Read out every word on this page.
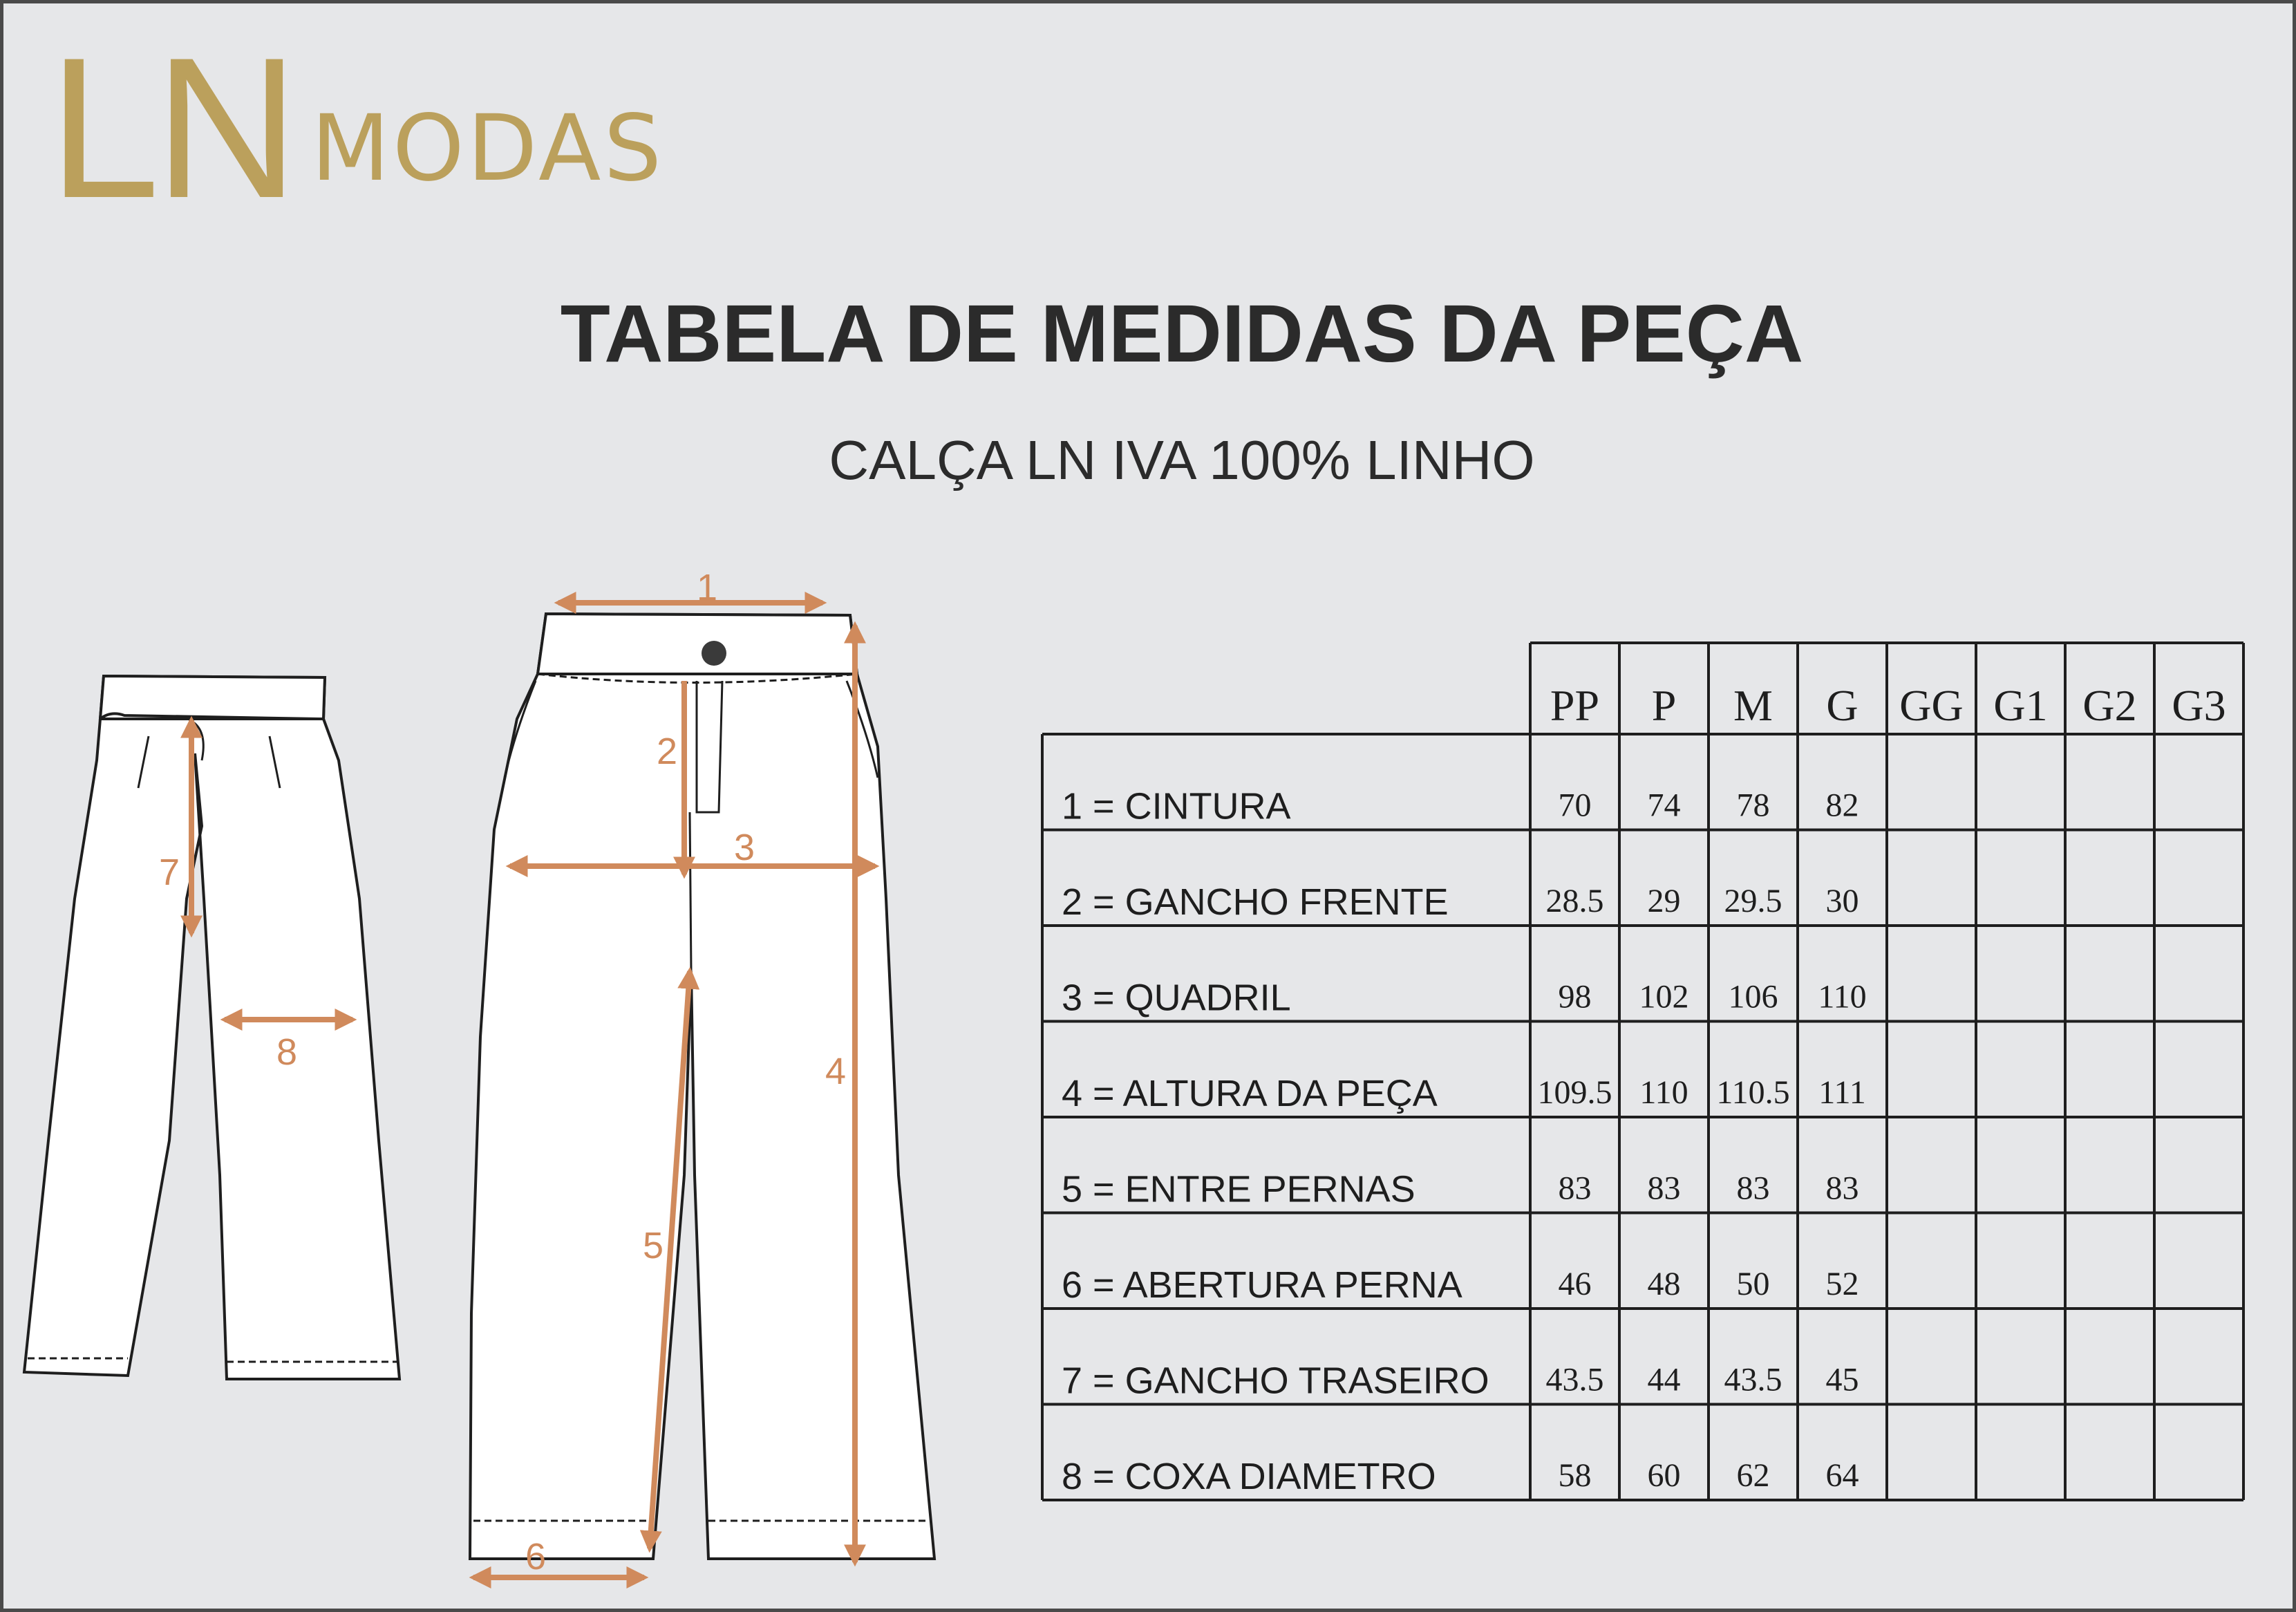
LN MODAS
TABELA DE MEDIDAS DA PEÇA
CALÇA LN IVA 100% LINHO
1
2
3
4
5
6
7
8
PP P M G GG G1 G2 G3
1 = CINTURA	70 74 78 82
2 = GANCHO FRENTE	28.5 29 29.5 30
3 = QUADRIL	98 102 106 110
4 = ALTURA DA PEÇA	109.5 110 110.5 111
5 = ENTRE PERNAS	83 83 83 83
6 = ABERTURA PERNA	46 48 50 52
7 = GANCHO TRASEIRO 43.5 44 43.5 45
8 = COXA DIAMETRO	58 60 62 64
